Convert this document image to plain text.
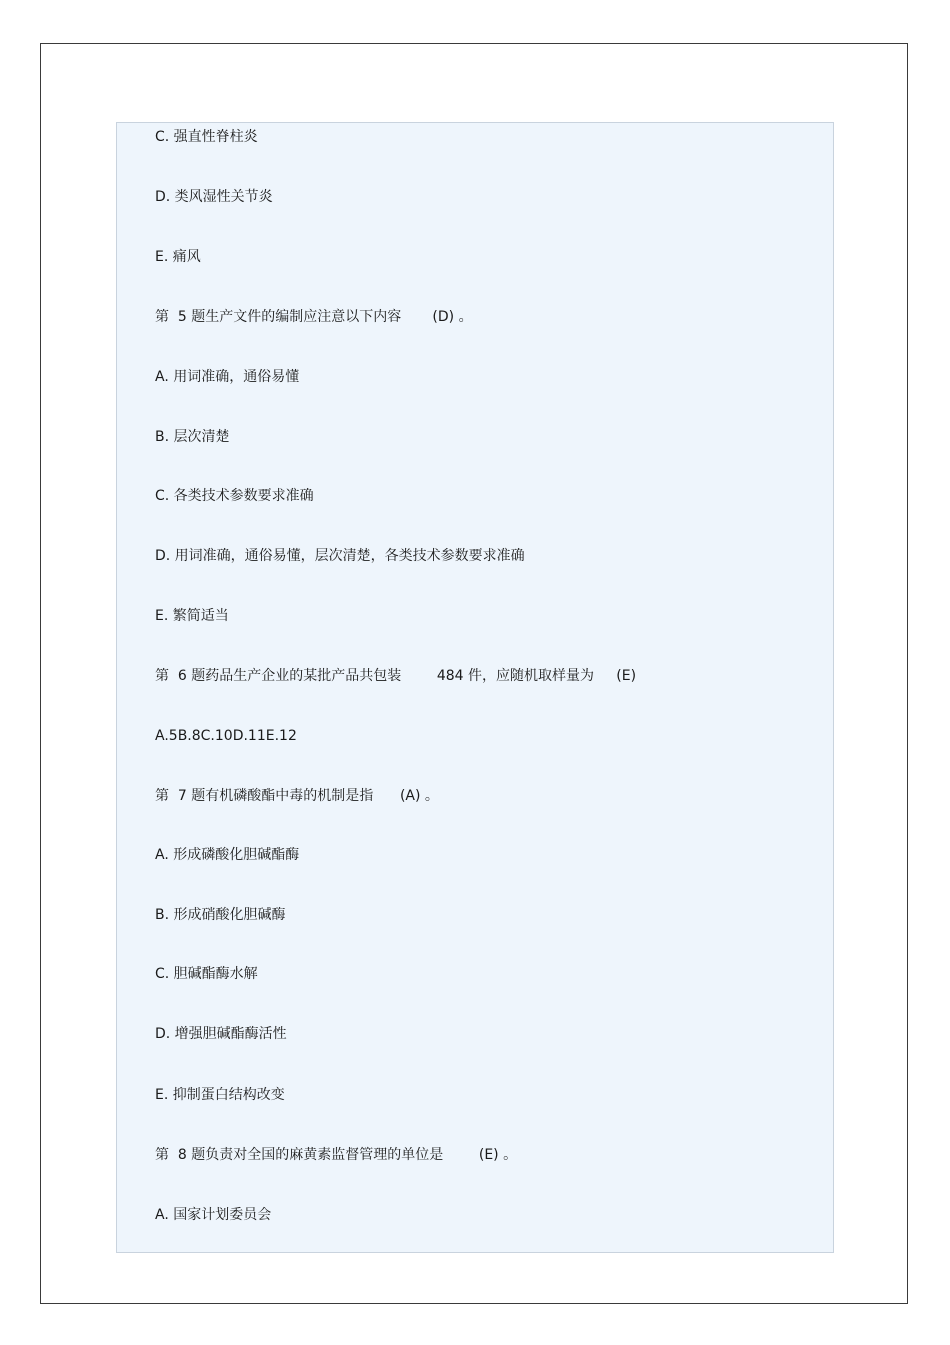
C. 强直性脊柱炎
D. 类风湿性关节炎
E. 痛风
第  5 题生产文件的编制应注意以下内容       (D) 。
A. 用词准确，通俗易懂
B. 层次清楚
C. 各类技术参数要求准确
D. 用词准确，通俗易懂，层次清楚，各类技术参数要求准确
E. 繁简适当
第  6 题药品生产企业的某批产品共包装        484 件，应随机取样量为     (E)
A.5B.8C.10D.11E.12
第  7 题有机磷酸酯中毒的机制是指      (A) 。
A. 形成磷酸化胆碱酯酶
B. 形成硝酸化胆碱酶
C. 胆碱酯酶水解
D. 增强胆碱酯酶活性
E. 抑制蛋白结构改变
第  8 题负责对全国的麻黄素监督管理的单位是        (E) 。
A. 国家计划委员会
